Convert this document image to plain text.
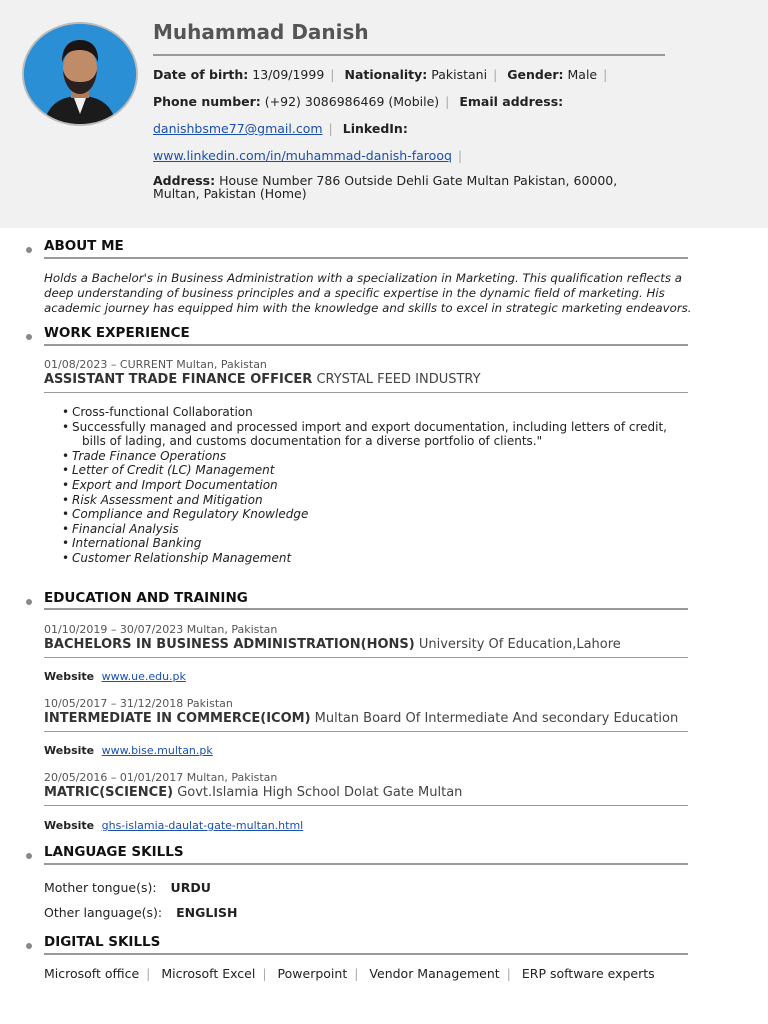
Muhammad Danish
Date of birth: 13/09/1999 | Nationality: Pakistani | Gender: Male |
Phone number: (+92) 3086986469 (Mobile) | Email address:
danishbsme77@gmail.com | LinkedIn:
www.linkedin.com/in/muhammad-danish-farooq |
Address: House Number 786 Outside Dehli Gate Multan Pakistan, 60000,
Multan, Pakistan (Home)
ABOUT ME
Holds a Bachelor's in Business Administration with a specialization in Marketing. This qualification reflects a deep understanding of business principles and a specific expertise in the dynamic field of marketing. His academic journey has equipped him with the knowledge and skills to excel in strategic marketing endeavors.
WORK EXPERIENCE
01/08/2023 – CURRENT Multan, Pakistan
ASSISTANT TRADE FINANCE OFFICER CRYSTAL FEED INDUSTRY
• Cross-functional Collaboration
• Successfully managed and processed import and export documentation, including letters of credit,
bills of lading, and customs documentation for a diverse portfolio of clients."
• Trade Finance Operations
• Letter of Credit (LC) Management
• Export and Import Documentation
• Risk Assessment and Mitigation
• Compliance and Regulatory Knowledge
• Financial Analysis
• International Banking
• Customer Relationship Management
EDUCATION AND TRAINING
01/10/2019 – 30/07/2023 Multan, Pakistan
BACHELORS IN BUSINESS ADMINISTRATION(HONS) University Of Education,Lahore
Website www.ue.edu.pk
10/05/2017 – 31/12/2018 Pakistan
INTERMEDIATE IN COMMERCE(ICOM) Multan Board Of Intermediate And secondary Education
Website www.bise.multan.pk
20/05/2016 – 01/01/2017 Multan, Pakistan
MATRIC(SCIENCE) Govt.Islamia High School Dolat Gate Multan
Website ghs-islamia-daulat-gate-multan.html
LANGUAGE SKILLS
Mother tongue(s): URDU
Other language(s): ENGLISH
DIGITAL SKILLS
Microsoft office | Microsoft Excel | Powerpoint | Vendor Management | ERP software experts
